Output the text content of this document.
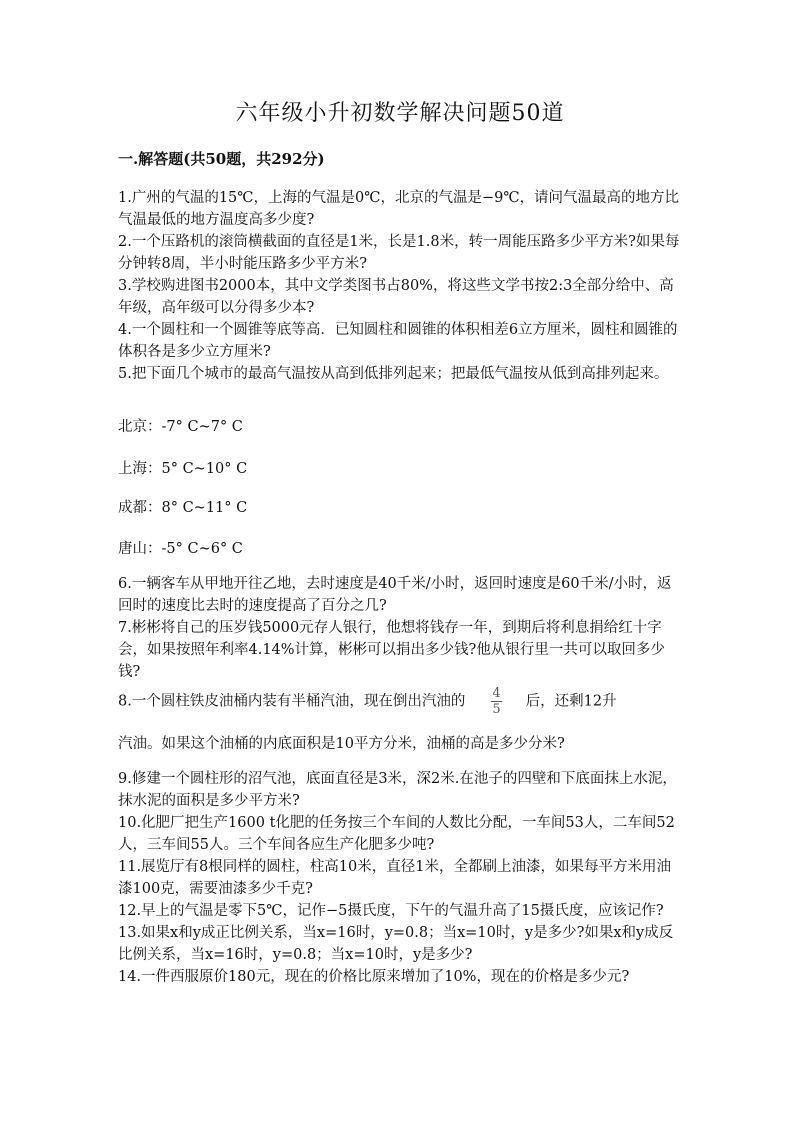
六年级小升初数学解决问题50道
一.解答题(共50题，共292分)

1.广州的气温的15℃，上海的气温是0℃，北京的气温是−9℃，请问气温最高的地方比气温最低的地方温度高多少度?

2.一个压路机的滚筒横截面的直径是1米，长是1.8米，转一周能压路多少平方米?如果每分钟转8周，半小时能压路多少平方米?

3.学校购进图书2000本，其中文学类图书占80%，将这些文学书按2:3全部分给中、高年级，高年级可以分得多少本?

4.一个圆柱和一个圆锥等底等高．已知圆柱和圆锥的体积相差6立方厘米，圆柱和圆锥的体积各是多少立方厘米?

5.把下面几个城市的最高气温按从高到低排列起来；把最低气温按从低到高排列起来。

北京：-7° C~7° C
上海：5° C~10° C
成都：8° C~11° C
唐山：-5° C~6° C

6.一辆客车从甲地开往乙地，去时速度是40千米/小时，返回时速度是60千米/小时，返回时的速度比去时的速度提高了百分之几?

7.彬彬将自己的压岁钱5000元存人银行，他想将钱存一年，到期后将利息捐给红十字会，如果按照年利率4.14%计算，彬彬可以捐出多少钱?他从银行里一共可以取回多少钱?

8.一个圆柱铁皮油桶内装有半桶汽油，现在倒出汽油的 $\frac{4}{5}$ 后，还剩12升
汽油。如果这个油桶的内底面积是10平方分米，油桶的高是多少分米?

9.修建一个圆柱形的沼气池，底面直径是3米，深2米.在池子的四壁和下底面抹上水泥，抹水泥的面积是多少平方米?

10.化肥厂把生产1600 t化肥的任务按三个车间的人数比分配，一车间53人，二车间52人，三车间55人。三个车间各应生产化肥多少吨?

11.展览厅有8根同样的圆柱，柱高10米，直径1米，全都刷上油漆，如果每平方米用油漆100克，需要油漆多少千克?

12.早上的气温是零下5℃，记作−5摄氏度，下午的气温升高了15摄氏度，应该记作?

13.如果x和y成正比例关系，当x=16时，y=0.8；当x=10时，y是多少?如果x和y成反比例关系，当x=16时，y=0.8；当x=10时，y是多少?

14.一件西服原价180元，现在的价格比原来增加了10%，现在的价格是多少元?
